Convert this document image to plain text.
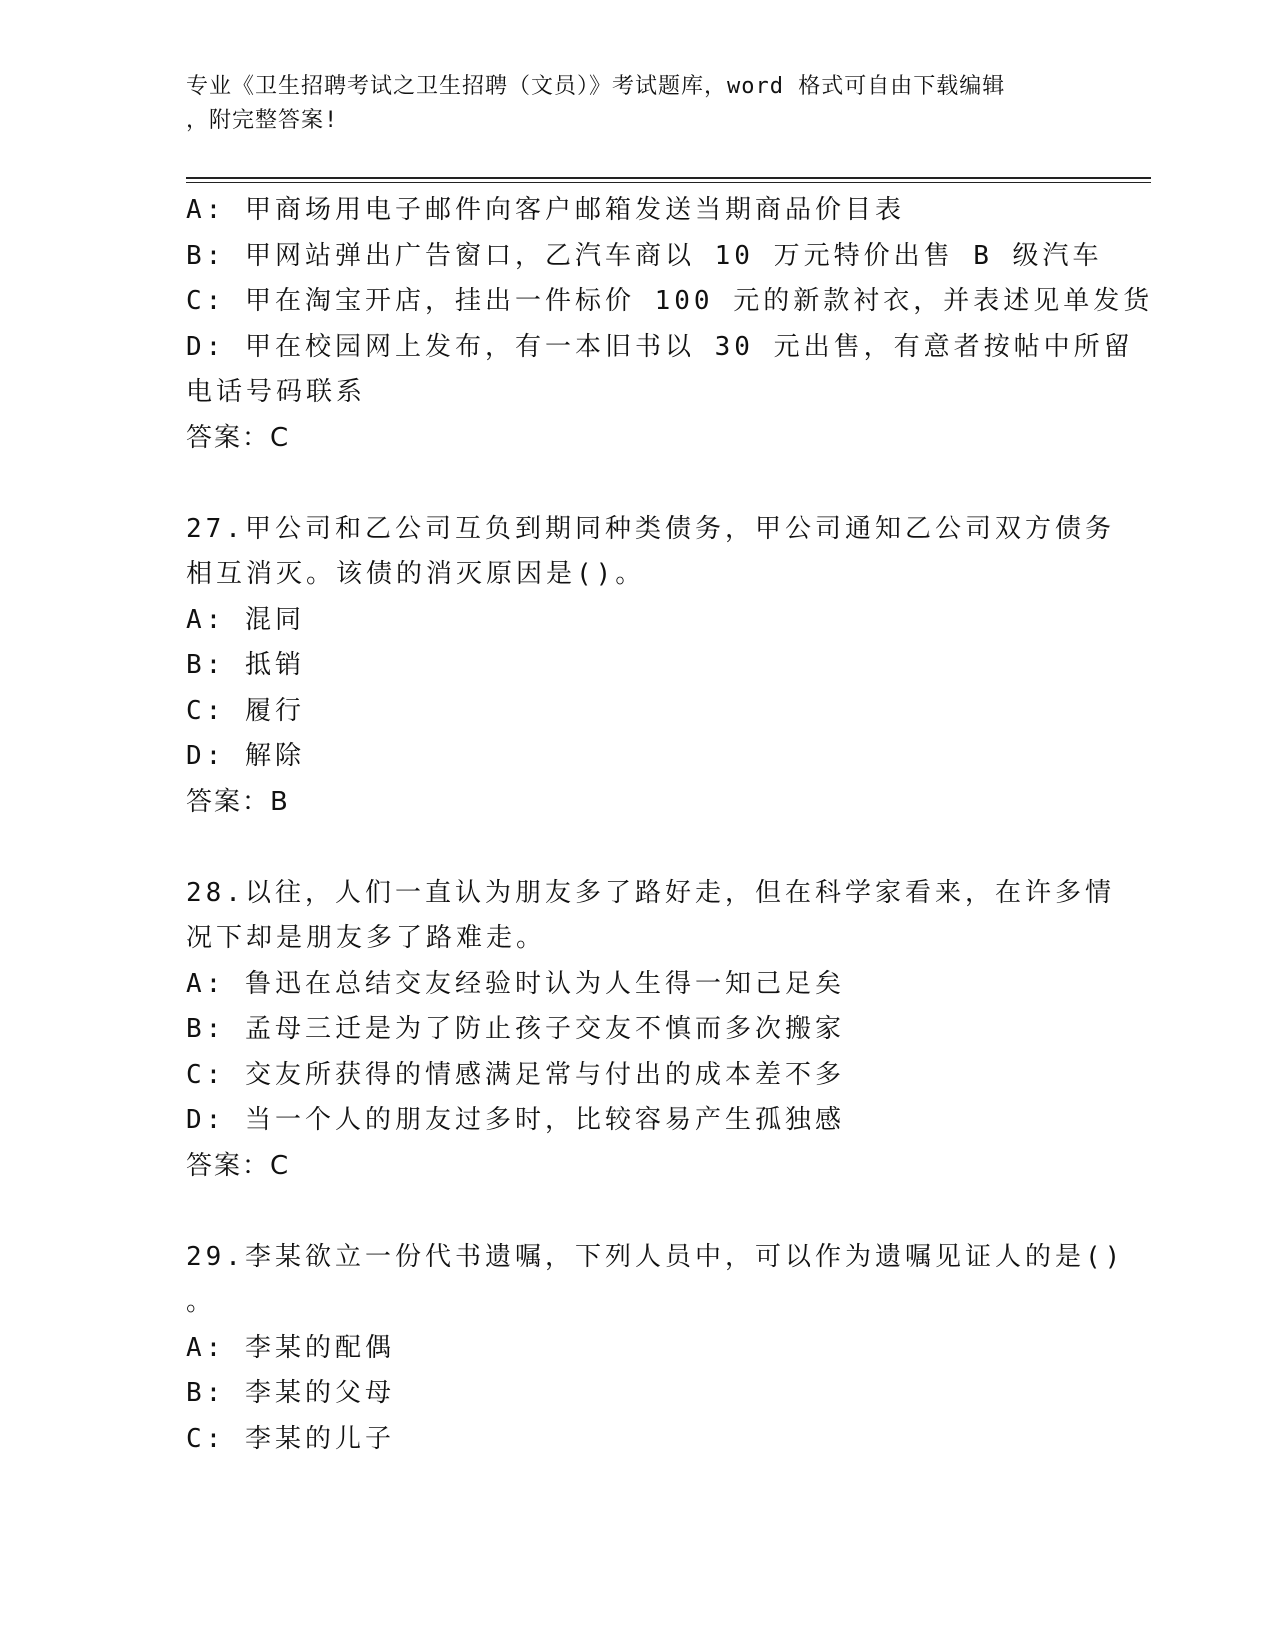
专业《卫生招聘考试之卫生招聘（文员）》考试题库，word 格式可自由下载编辑
，附完整答案!
A: 甲商场用电子邮件向客户邮箱发送当期商品价目表
B: 甲网站弹出广告窗口，乙汽车商以 10 万元特价出售 B 级汽车
C: 甲在淘宝开店，挂出一件标价 100 元的新款衬衣，并表述见单发货
D: 甲在校园网上发布，有一本旧书以 30 元出售，有意者按帖中所留
电话号码联系
答案：C
27.甲公司和乙公司互负到期同种类债务，甲公司通知乙公司双方债务
相互消灭。该债的消灭原因是()。
A: 混同
B: 抵销
C: 履行
D: 解除
答案：B
28.以往，人们一直认为朋友多了路好走，但在科学家看来，在许多情
况下却是朋友多了路难走。
A: 鲁迅在总结交友经验时认为人生得一知己足矣
B: 孟母三迁是为了防止孩子交友不慎而多次搬家
C: 交友所获得的情感满足常与付出的成本差不多
D: 当一个人的朋友过多时，比较容易产生孤独感
答案：C
29.李某欲立一份代书遗嘱，下列人员中，可以作为遗嘱见证人的是()
。
A: 李某的配偶
B: 李某的父母
C: 李某的儿子
